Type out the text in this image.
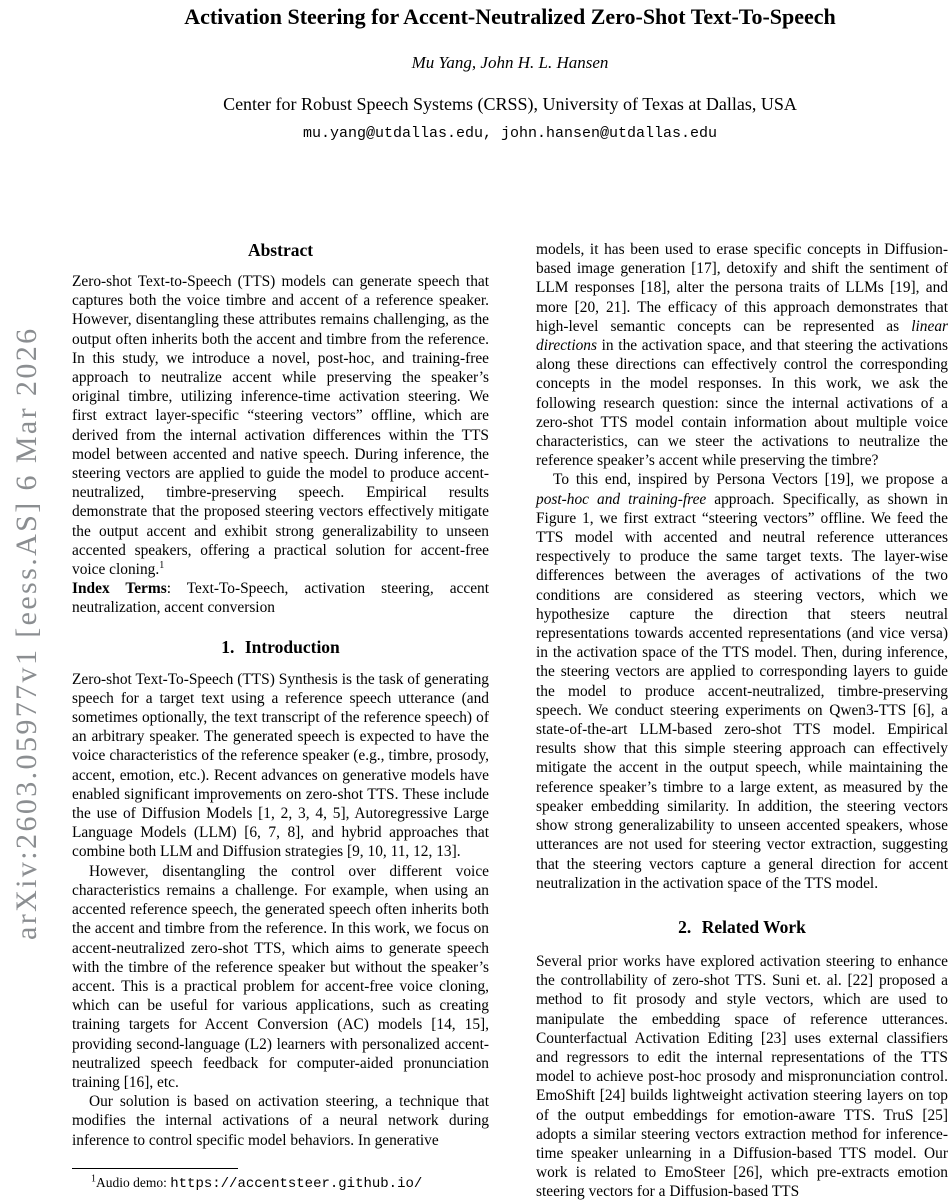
arXiv:2603.05977v1 [eess.AS] 6 Mar 2026
Activation Steering for Accent-Neutralized Zero-Shot Text-To-Speech
Mu Yang, John H. L. Hansen
Center for Robust Speech Systems (CRSS), University of Texas at Dallas, USA
mu.yang@utdallas.edu, john.hansen@utdallas.edu
Abstract

Zero-shot Text-to-Speech (TTS) models can generate speech that captures both the voice timbre and accent of a reference speaker. However, disentangling these attributes remains challenging, as the output often inherits both the accent and timbre from the reference. In this study, we introduce a novel, post-hoc, and training-free approach to neutralize accent while preserving the speaker’s original timbre, utilizing inference-time activation steering. We first extract layer-specific “steering vectors” offline, which are derived from the internal activation differences within the TTS model between accented and native speech. During inference, the steering vectors are applied to guide the model to produce accent-neutralized, timbre-preserving speech. Empirical results demonstrate that the proposed steering vectors effectively mitigate the output accent and exhibit strong generalizability to unseen accented speakers, offering a practical solution for accent-free voice cloning.$^1$

Index Terms: Text-To-Speech, activation steering, accent neutralization, accent conversion

1. Introduction

Zero-shot Text-To-Speech (TTS) Synthesis is the task of generating speech for a target text using a reference speech utterance (and sometimes optionally, the text transcript of the reference speech) of an arbitrary speaker. The generated speech is expected to have the voice characteristics of the reference speaker (e.g., timbre, prosody, accent, emotion, etc.). Recent advances on generative models have enabled significant improvements on zero-shot TTS. These include the use of Diffusion Models [1, 2, 3, 4, 5], Autoregressive Large Language Models (LLM) [6, 7, 8], and hybrid approaches that combine both LLM and Diffusion strategies [9, 10, 11, 12, 13].

However, disentangling the control over different voice characteristics remains a challenge. For example, when using an accented reference speech, the generated speech often inherits both the accent and timbre from the reference. In this work, we focus on accent-neutralized zero-shot TTS, which aims to generate speech with the timbre of the reference speaker but without the speaker’s accent. This is a practical problem for accent-free voice cloning, which can be useful for various applications, such as creating training targets for Accent Conversion (AC) models [14, 15], providing second-language (L2) learners with personalized accent-neutralized speech feedback for computer-aided pronunciation training [16], etc.

Our solution is based on activation steering, a technique that modifies the internal activations of a neural network during inference to control specific model behaviors. In generative

models, it has been used to erase specific concepts in Diffusion-based image generation [17], detoxify and shift the sentiment of LLM responses [18], alter the persona traits of LLMs [19], and more [20, 21]. The efficacy of this approach demonstrates that high-level semantic concepts can be represented as linear directions in the activation space, and that steering the activations along these directions can effectively control the corresponding concepts in the model responses. In this work, we ask the following research question: since the internal activations of a zero-shot TTS model contain information about multiple voice characteristics, can we steer the activations to neutralize the reference speaker’s accent while preserving the timbre?

To this end, inspired by Persona Vectors [19], we propose a post-hoc and training-free approach. Specifically, as shown in Figure 1, we first extract “steering vectors” offline. We feed the TTS model with accented and neutral reference utterances respectively to produce the same target texts. The layer-wise differences between the averages of activations of the two conditions are considered as steering vectors, which we hypothesize capture the direction that steers neutral representations towards accented representations (and vice versa) in the activation space of the TTS model. Then, during inference, the steering vectors are applied to corresponding layers to guide the model to produce accent-neutralized, timbre-preserving speech. We conduct steering experiments on Qwen3-TTS [6], a state-of-the-art LLM-based zero-shot TTS model. Empirical results show that this simple steering approach can effectively mitigate the accent in the output speech, while maintaining the reference speaker’s timbre to a large extent, as measured by the speaker embedding similarity. In addition, the steering vectors show strong generalizability to unseen accented speakers, whose utterances are not used for steering vector extraction, suggesting that the steering vectors capture a general direction for accent neutralization in the activation space of the TTS model.

2. Related Work

Several prior works have explored activation steering to enhance the controllability of zero-shot TTS. Suni et. al. [22] proposed a method to fit prosody and style vectors, which are used to manipulate the embedding space of reference utterances. Counterfactual Activation Editing [23] uses external classifiers and regressors to edit the internal representations of the TTS model to achieve post-hoc prosody and mispronunciation control. EmoShift [24] builds lightweight activation steering layers on top of the output embeddings for emotion-aware TTS. TruS [25] adopts a similar steering vectors extraction method for inference-time speaker unlearning in a Diffusion-based TTS model. Our work is related to EmoSteer [26], which pre-extracts emotion steering vectors for a Diffusion-based TTS

$^1$Audio demo: https://accentsteer.github.io/
